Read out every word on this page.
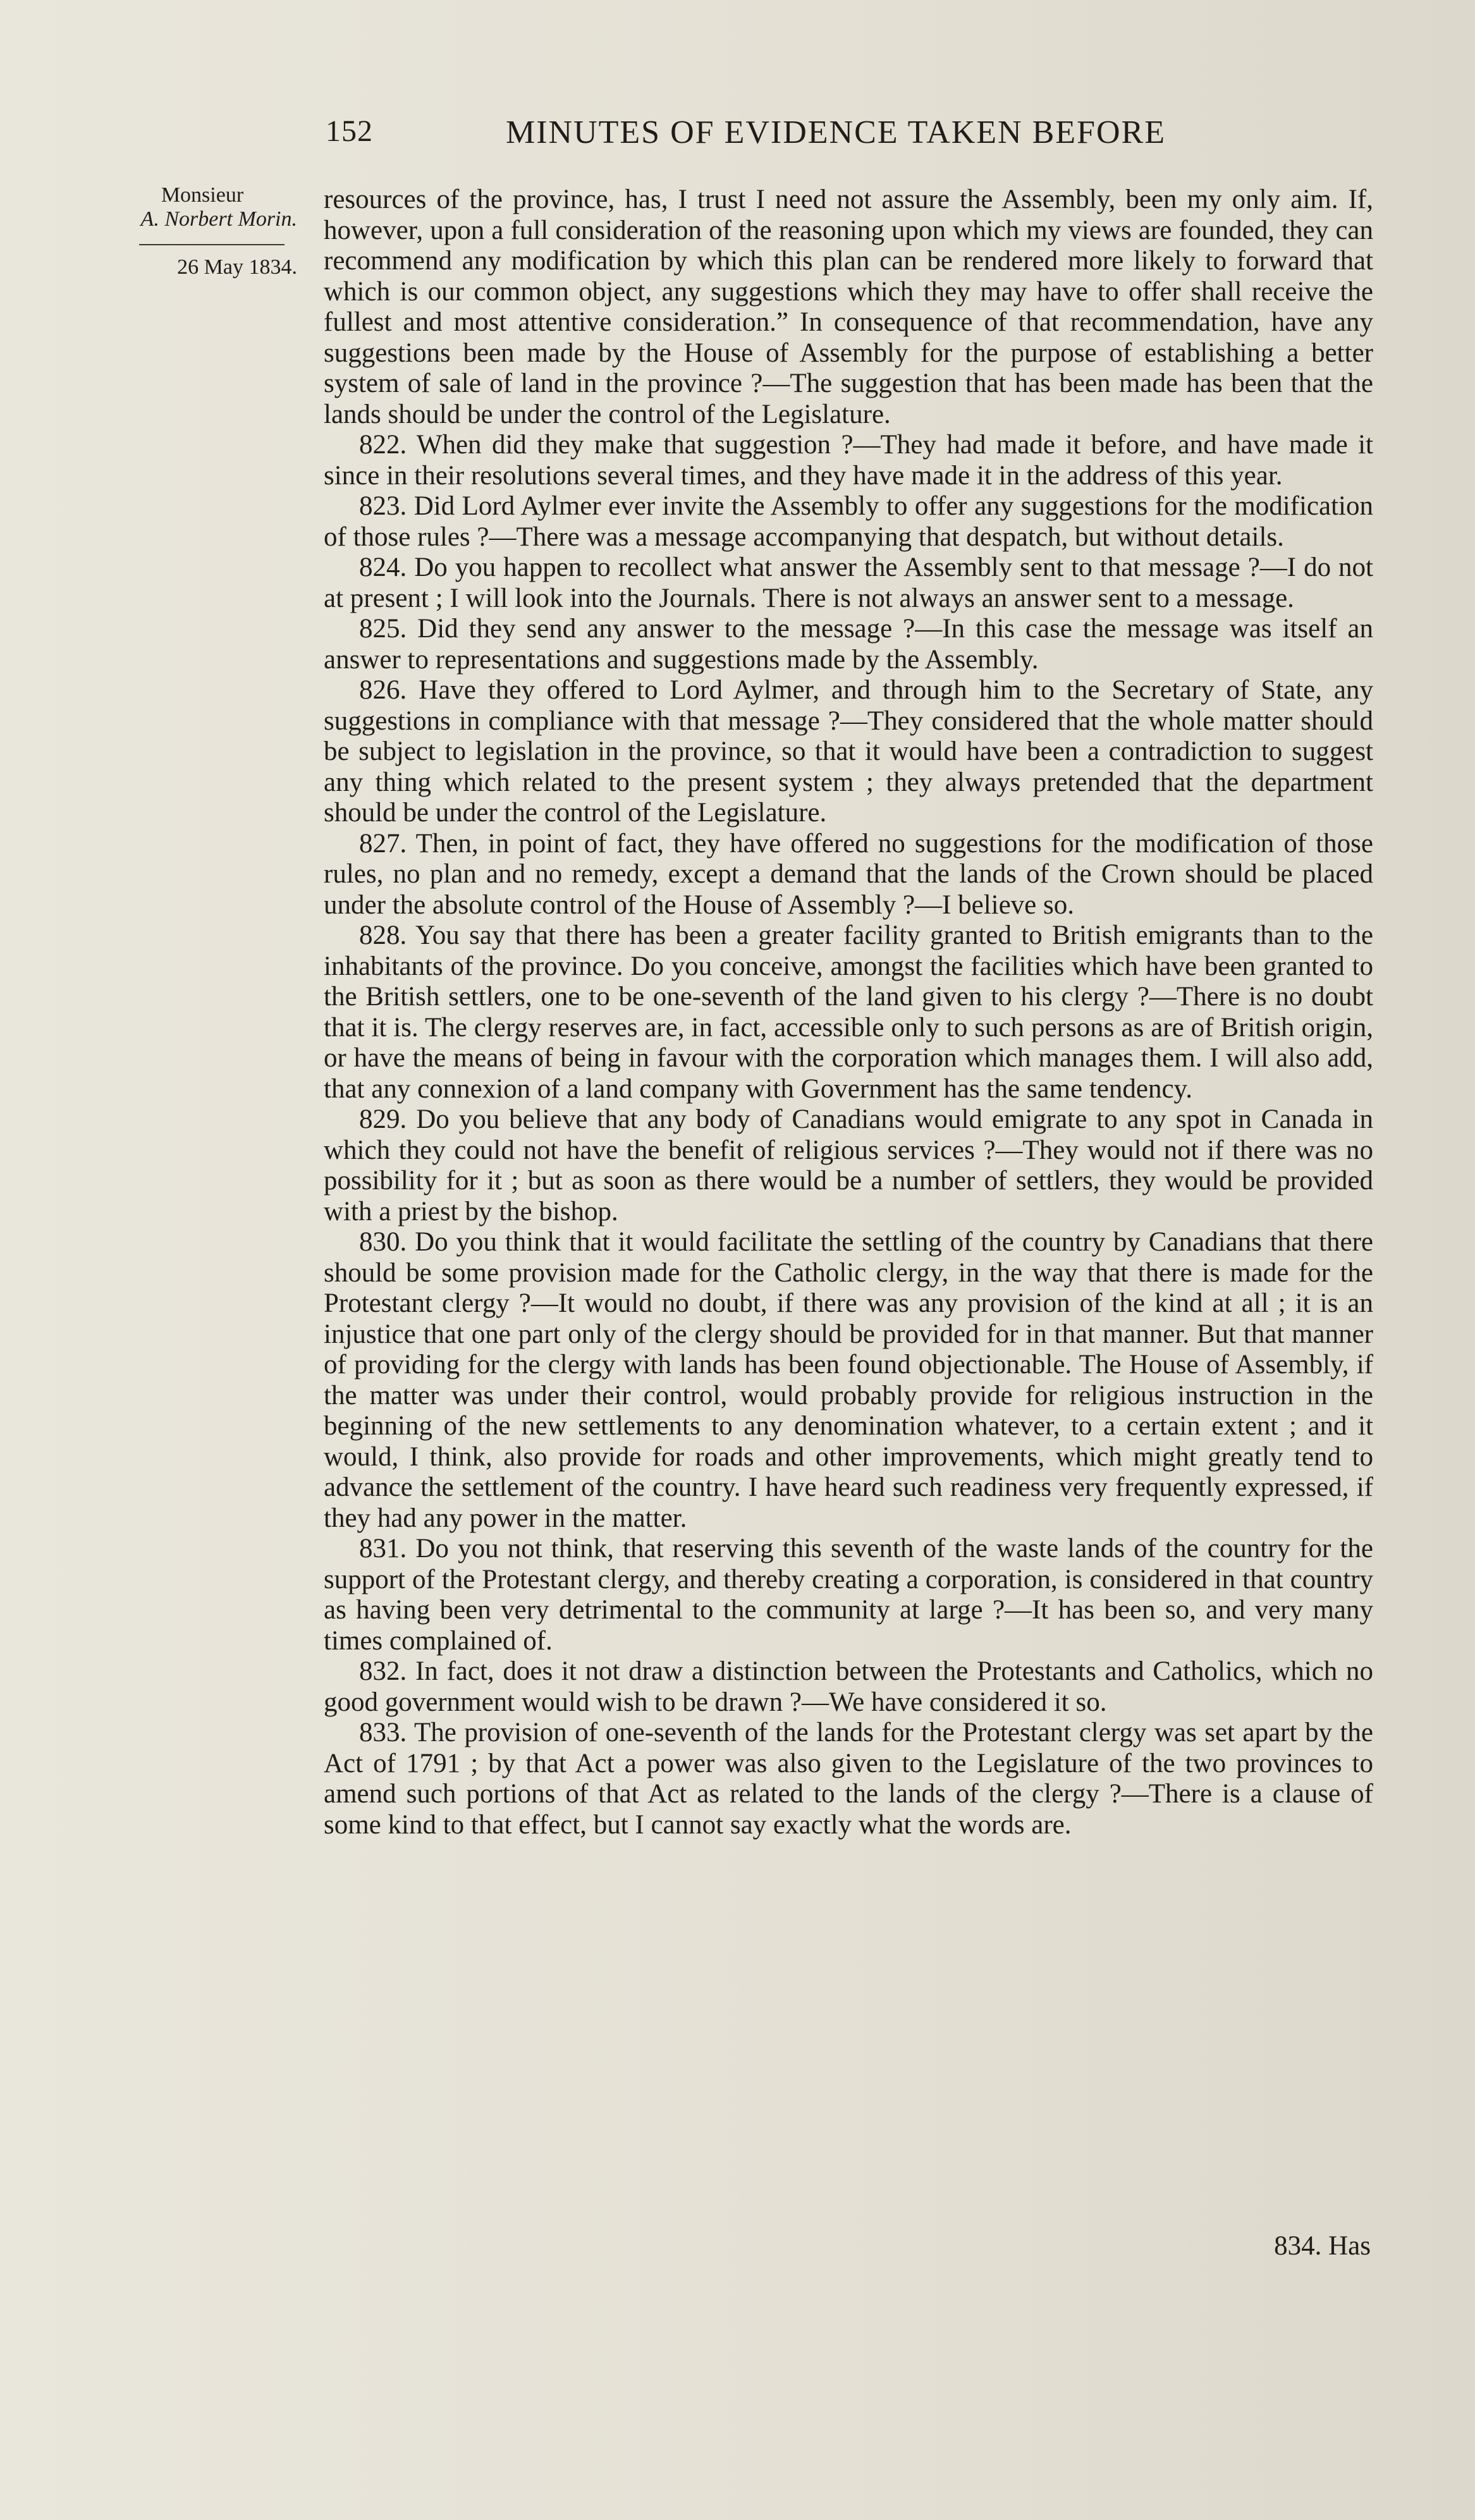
152	MINUTES OF EVIDENCE TAKEN BEFORE
Monsieur
A. Norbert Morin.
26 May 1834.

resources of the province, has, I trust I need not assure the Assembly, been my only aim. If, however, upon a full consideration of the reasoning upon which my views are founded, they can recommend any modification by which this plan can be rendered more likely to forward that which is our common object, any suggestions which they may have to offer shall receive the fullest and most attentive consideration.” In consequence of that recommendation, have any suggestions been made by the House of Assembly for the purpose of establishing a better system of sale of land in the province ?—The suggestion that has been made has been that the lands should be under the control of the Legislature.

822. When did they make that suggestion ?—They had made it before, and have made it since in their resolutions several times, and they have made it in the address of this year.

823. Did Lord Aylmer ever invite the Assembly to offer any suggestions for the modification of those rules ?—There was a message accompanying that despatch, but without details.

824. Do you happen to recollect what answer the Assembly sent to that message ?—I do not at present ; I will look into the Journals. There is not always an answer sent to a message.

825. Did they send any answer to the message ?—In this case the message was itself an answer to representations and suggestions made by the Assembly.

826. Have they offered to Lord Aylmer, and through him to the Secretary of State, any suggestions in compliance with that message ?—They considered that the whole matter should be subject to legislation in the province, so that it would have been a contradiction to suggest any thing which related to the present system ; they always pretended that the department should be under the control of the Legislature.

827. Then, in point of fact, they have offered no suggestions for the modification of those rules, no plan and no remedy, except a demand that the lands of the Crown should be placed under the absolute control of the House of Assembly ?—I believe so.

828. You say that there has been a greater facility granted to British emigrants than to the inhabitants of the province. Do you conceive, amongst the facilities which have been granted to the British settlers, one to be one-seventh of the land given to his clergy ?—There is no doubt that it is. The clergy reserves are, in fact, accessible only to such persons as are of British origin, or have the means of being in favour with the corporation which manages them. I will also add, that any connexion of a land company with Government has the same tendency.

829. Do you believe that any body of Canadians would emigrate to any spot in Canada in which they could not have the benefit of religious services ?—They would not if there was no possibility for it ; but as soon as there would be a number of settlers, they would be provided with a priest by the bishop.

830. Do you think that it would facilitate the settling of the country by Canadians that there should be some provision made for the Catholic clergy, in the way that there is made for the Protestant clergy ?—It would no doubt, if there was any provision of the kind at all ; it is an injustice that one part only of the clergy should be provided for in that manner. But that manner of providing for the clergy with lands has been found objectionable. The House of Assembly, if the matter was under their control, would probably provide for religious instruction in the beginning of the new settlements to any denomination whatever, to a certain extent ; and it would, I think, also provide for roads and other improvements, which might greatly tend to advance the settlement of the country. I have heard such readiness very frequently expressed, if they had any power in the matter.

831. Do you not think, that reserving this seventh of the waste lands of the country for the support of the Protestant clergy, and thereby creating a corporation, is considered in that country as having been very detrimental to the community at large ?—It has been so, and very many times complained of.

832. In fact, does it not draw a distinction between the Protestants and Catholics, which no good government would wish to be drawn ?—We have considered it so.

833. The provision of one-seventh of the lands for the Protestant clergy was set apart by the Act of 1791 ; by that Act a power was also given to the Legislature of the two provinces to amend such portions of that Act as related to the lands of the clergy ?—There is a clause of some kind to that effect, but I cannot say exactly what the words are.

834. Has
